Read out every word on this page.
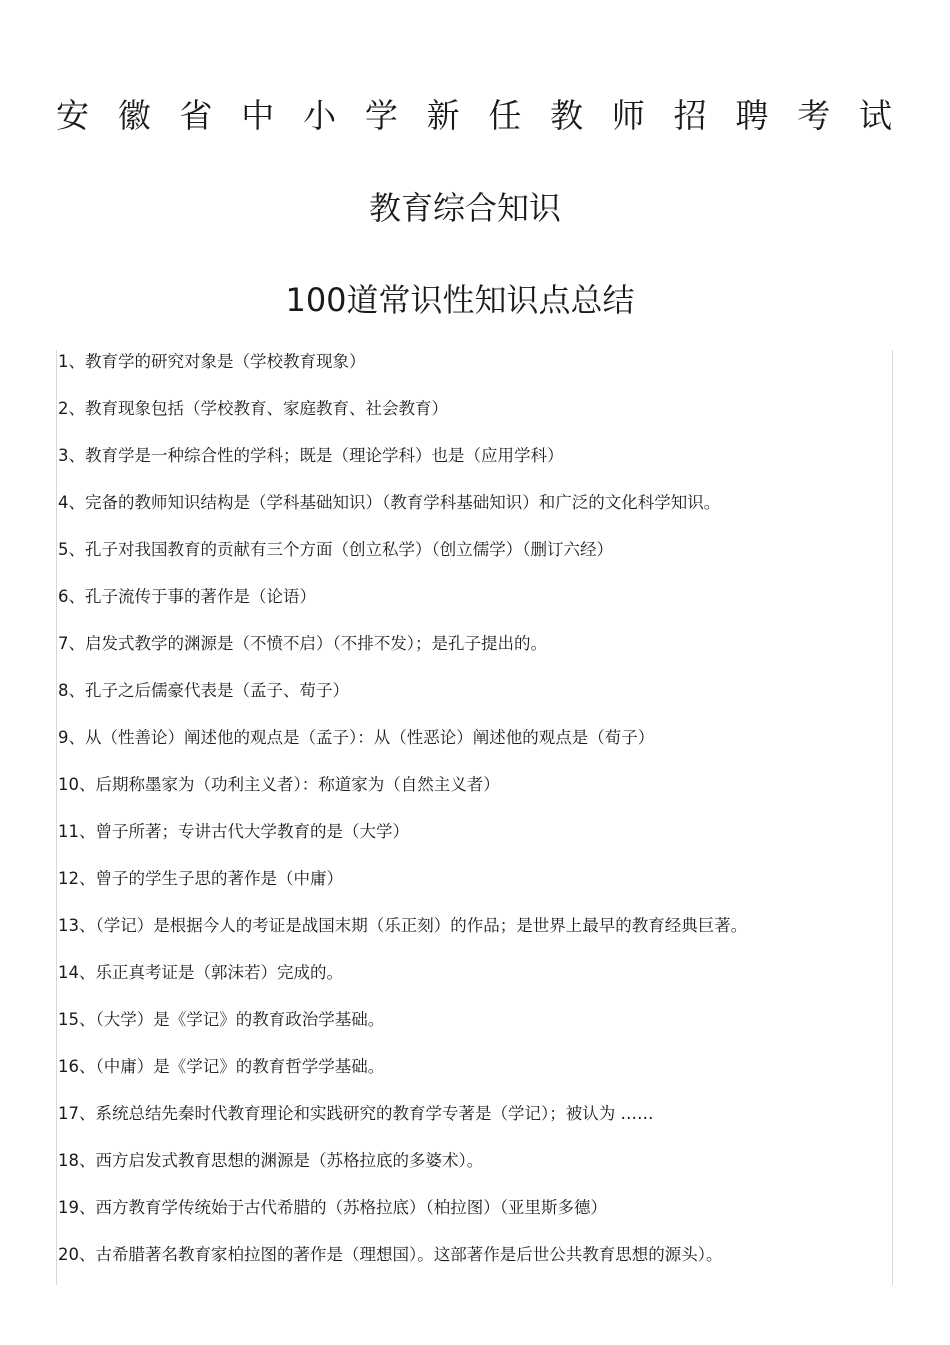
安 徽 省 中 小 学 新 任 教 师 招 聘 考 试
教育综合知识
100道常识性知识点总结
1、教育学的研究对象是（学校教育现象）
2、教育现象包括（学校教育、家庭教育、社会教育）
3、教育学是一种综合性的学科；既是（理论学科）也是（应用学科）
4、完备的教师知识结构是（学科基础知识）（教育学科基础知识）和广泛的文化科学知识。
5、孔子对我国教育的贡献有三个方面（创立私学）（创立儒学）（删订六经）
6、孔子流传于事的著作是（论语）
7、启发式教学的渊源是（不愤不启）（不排不发）；是孔子提出的。
8、孔子之后儒豪代表是（孟子、荀子）
9、从（性善论）阐述他的观点是（孟子）：从（性恶论）阐述他的观点是（荀子）
10、后期称墨家为（功利主义者）：称道家为（自然主义者）
11、曾子所著；专讲古代大学教育的是（大学）
12、曾子的学生子思的著作是（中庸）
13、（学记）是根据今人的考证是战国末期（乐正刻）的作品；是世界上最早的教育经典巨著。
14、乐正真考证是（郭沫若）完成的。
15、（大学）是《学记》的教育政治学基础。
16、（中庸）是《学记》的教育哲学学基础。
17、系统总结先秦时代教育理论和实践研究的教育学专著是（学记）；被认为 ……
18、西方启发式教育思想的渊源是（苏格拉底的多婆术）。
19、西方教育学传统始于古代希腊的（苏格拉底）（柏拉图）（亚里斯多德）
20、古希腊著名教育家柏拉图的著作是（理想国）。这部著作是后世公共教育思想的源头）。
